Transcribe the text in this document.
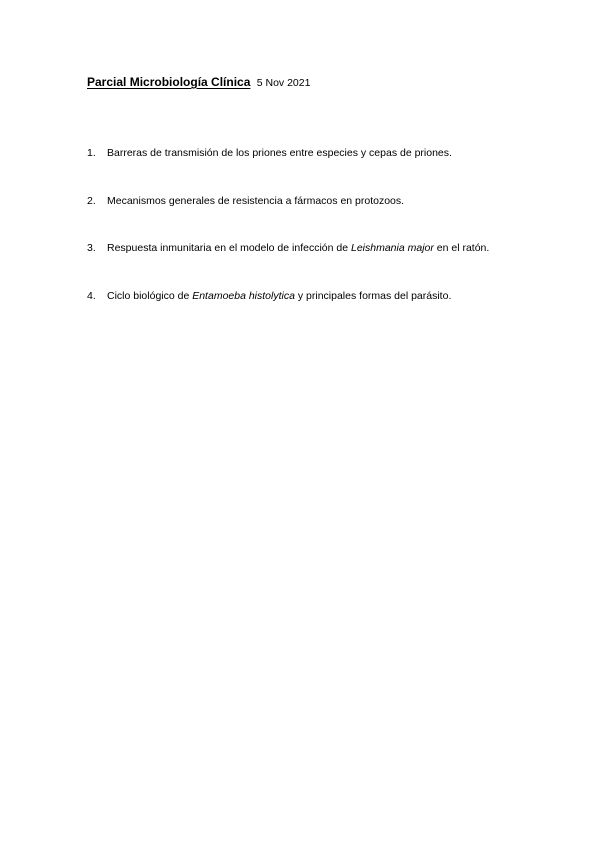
Parcial Microbiología Clínica 5 Nov 2021
1. Barreras de transmisión de los priones entre especies y cepas de priones.
2. Mecanismos generales de resistencia a fármacos en protozoos.
3. Respuesta inmunitaria en el modelo de infección de Leishmania major en el ratón.
4. Ciclo biológico de Entamoeba histolytica y principales formas del parásito.
